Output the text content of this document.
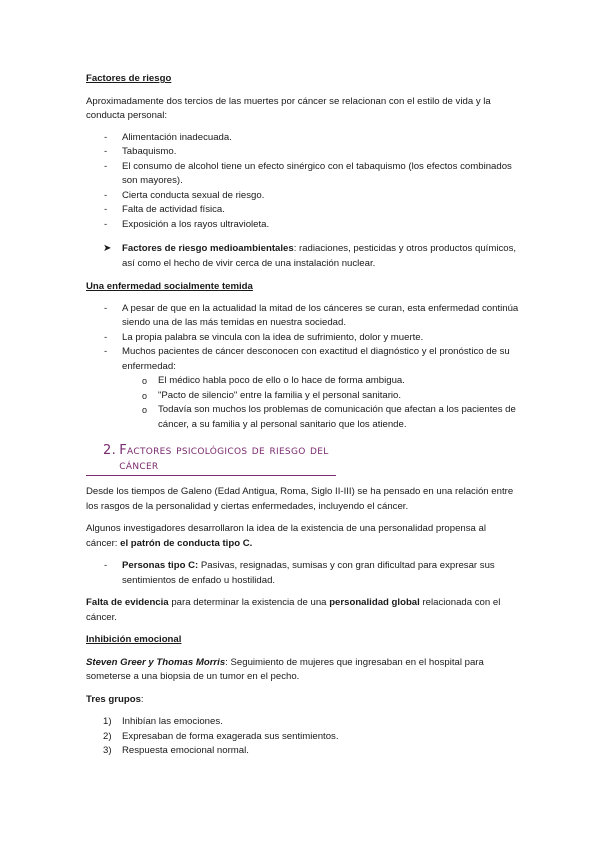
Factores de riesgo

Aproximadamente dos tercios de las muertes por cáncer se relacionan con el estilo de vida y la conducta personal:

- Alimentación inadecuada.
- Tabaquismo.
- El consumo de alcohol tiene un efecto sinérgico con el tabaquismo (los efectos combinados son mayores).
- Cierta conducta sexual de riesgo.
- Falta de actividad física.
- Exposición a los rayos ultravioleta.
➤ Factores de riesgo medioambientales: radiaciones, pesticidas y otros productos químicos, así como el hecho de vivir cerca de una instalación nuclear.
Una enfermedad socialmente temida
- A pesar de que en la actualidad la mitad de los cánceres se curan, esta enfermedad continúa siendo una de las más temidas en nuestra sociedad.
- La propia palabra se vincula con la idea de sufrimiento, dolor y muerte.
- Muchos pacientes de cáncer desconocen con exactitud el diagnóstico y el pronóstico de su enfermedad:
o El médico habla poco de ello o lo hace de forma ambigua.
o "Pacto de silencio" entre la familia y el personal sanitario.
o Todavía son muchos los problemas de comunicación que afectan a los pacientes de cáncer, a su familia y al personal sanitario que los atiende.
2. Factores psicológicos de riesgo del cáncer

Desde los tiempos de Galeno (Edad Antigua, Roma, Siglo II-III) se ha pensado en una relación entre los rasgos de la personalidad y ciertas enfermedades, incluyendo el cáncer.

Algunos investigadores desarrollaron la idea de la existencia de una personalidad propensa al cáncer: el patrón de conducta tipo C.

- Personas tipo C: Pasivas, resignadas, sumisas y con gran dificultad para expresar sus sentimientos de enfado u hostilidad.

Falta de evidencia para determinar la existencia de una personalidad global relacionada con el cáncer.

Inhibición emocional

Steven Greer y Thomas Morris: Seguimiento de mujeres que ingresaban en el hospital para someterse a una biopsia de un tumor en el pecho.

Tres grupos:

1) Inhibían las emociones.
2) Expresaban de forma exagerada sus sentimientos.
3) Respuesta emocional normal.
